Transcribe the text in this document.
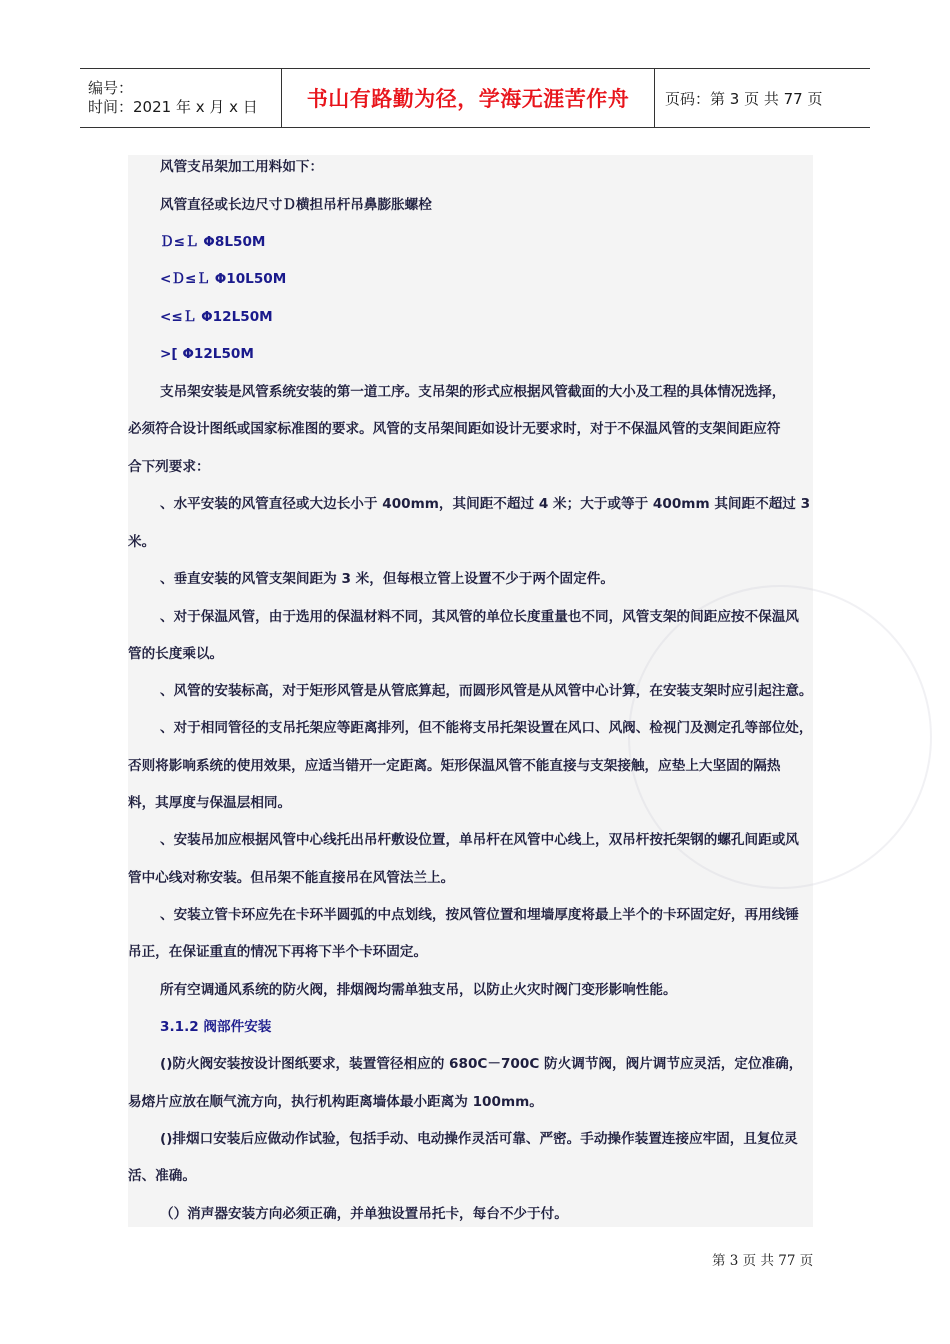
编号：
时间：2021 年 x 月 x 日	书山有路勤为径，学海无涯苦作舟 页码：第 3 页 共 77 页
风管支吊架加工用料如下：
风管直径或长边尺寸Ｄ横担吊杆吊鼻膨胀螺栓
Ｄ≤Ｌ Φ8L50M
<Ｄ≤Ｌ Φ10L50M
<≤Ｌ Φ12L50M
>[ Φ12L50M
支吊架安装是风管系统安装的第一道工序。支吊架的形式应根据风管截面的大小及工程的具体情况选择，
必须符合设计图纸或国家标准图的要求。风管的支吊架间距如设计无要求时，对于不保温风管的支架间距应符
合下列要求：
、水平安装的风管直径或大边长小于 400mm，其间距不超过 4 米；大于或等于 400mm 其间距不超过 3
米。
、垂直安装的风管支架间距为 3 米，但每根立管上设置不少于两个固定件。
、对于保温风管，由于选用的保温材料不同，其风管的单位长度重量也不同，风管支架的间距应按不保温风
管的长度乘以。
、风管的安装标高，对于矩形风管是从管底算起，而圆形风管是从风管中心计算，在安装支架时应引起注意。
、对于相同管径的支吊托架应等距离排列，但不能将支吊托架设置在风口、风阀、检视门及测定孔等部位处，
否则将影响系统的使用效果，应适当错开一定距离。矩形保温风管不能直接与支架接触，应垫上大坚固的隔热
料，其厚度与保温层相同。
、安装吊加应根据风管中心线托出吊杆敷设位置，单吊杆在风管中心线上，双吊杆按托架钢的螺孔间距或风
管中心线对称安装。但吊架不能直接吊在风管法兰上。
、安装立管卡环应先在卡环半圆弧的中点划线，按风管位置和埋墙厚度将最上半个的卡环固定好，再用线锤
吊正，在保证重直的情况下再将下半个卡环固定。
所有空调通风系统的防火阀，排烟阀均需单独支吊，以防止火灾时阀门变形影响性能。
3.1.2 阀部件安装
()防火阀安装按设计图纸要求，装置管径相应的 680C－700C 防火调节阀，阀片调节应灵活，定位准确，
易熔片应放在顺气流方向，执行机构距离墙体最小距离为 100mm。
()排烟口安装后应做动作试验，包括手动、电动操作灵活可靠、严密。手动操作装置连接应牢固，且复位灵
活、准确。
（）消声器安装方向必须正确，并单独设置吊托卡，每台不少于付。
第 3 页 共 77 页
